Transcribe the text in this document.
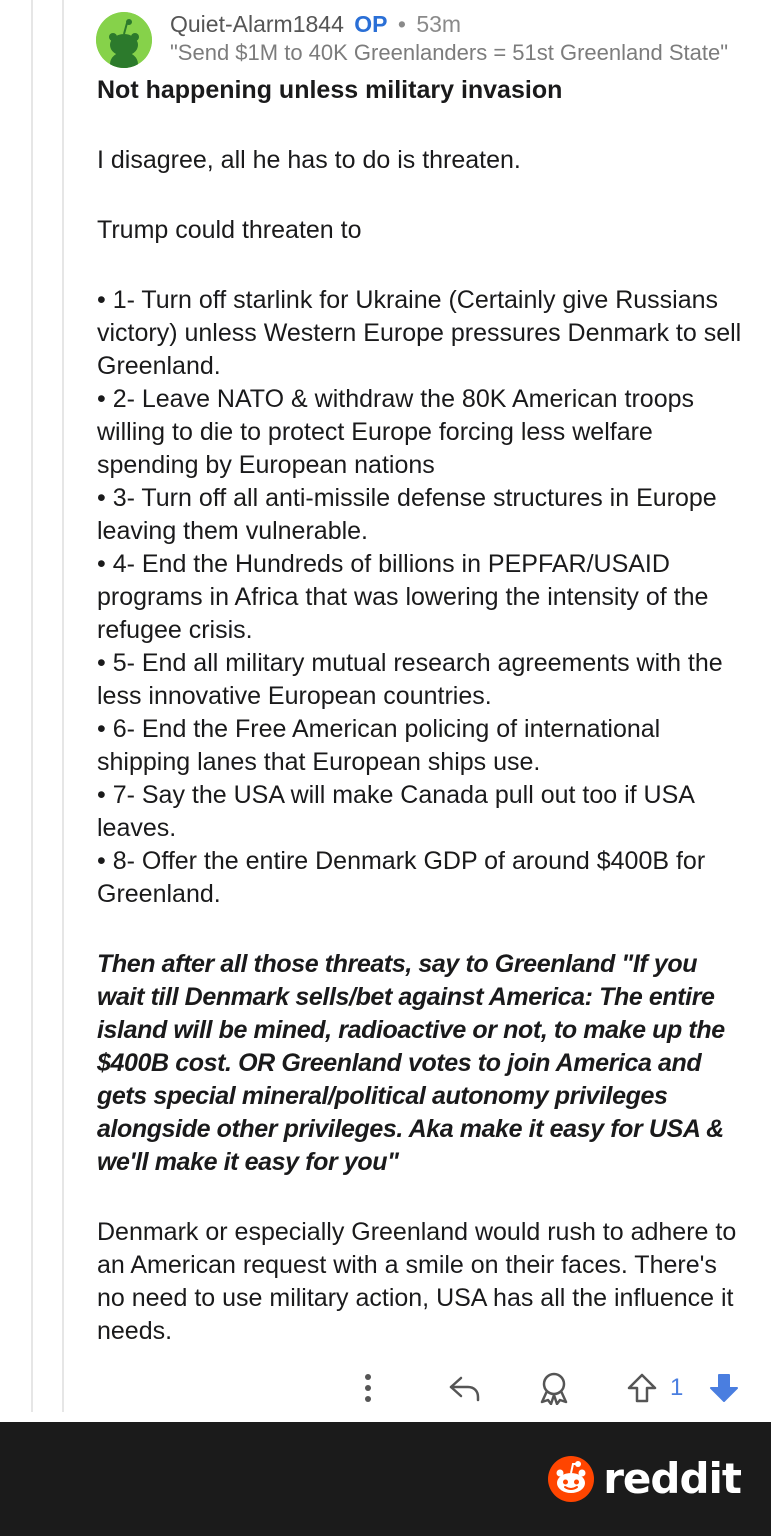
Quiet-Alarm1844 OP • 53m
"Send $1M to 40K Greenlanders = 51st Greenland State"

Not happening unless military invasion

I disagree, all he has to do is threaten.

Trump could threaten to

• 1- Turn off starlink for Ukraine (Certainly give Russians victory) unless Western Europe pressures Denmark to sell Greenland.
• 2- Leave NATO & withdraw the 80K American troops willing to die to protect Europe forcing less welfare spending by European nations
• 3- Turn off all anti-missile defense structures in Europe leaving them vulnerable.
• 4- End the Hundreds of billions in PEPFAR/USAID programs in Africa that was lowering the intensity of the refugee crisis.
• 5- End all military mutual research agreements with the less innovative European countries.
• 6- End the Free American policing of international shipping lanes that European ships use.
• 7- Say the USA will make Canada pull out too if USA leaves.
• 8- Offer the entire Denmark GDP of around $400B for Greenland.

Then after all those threats, say to Greenland "If you wait till Denmark sells/bet against America: The entire island will be mined, radioactive or not, to make up the $400B cost. OR Greenland votes to join America and gets special mineral/political autonomy privileges alongside other privileges. Aka make it easy for USA & we'll make it easy for you"

Denmark or especially Greenland would rush to adhere to an American request with a smile on their faces. There's no need to use military action, USA has all the influence it needs.

1
reddit
